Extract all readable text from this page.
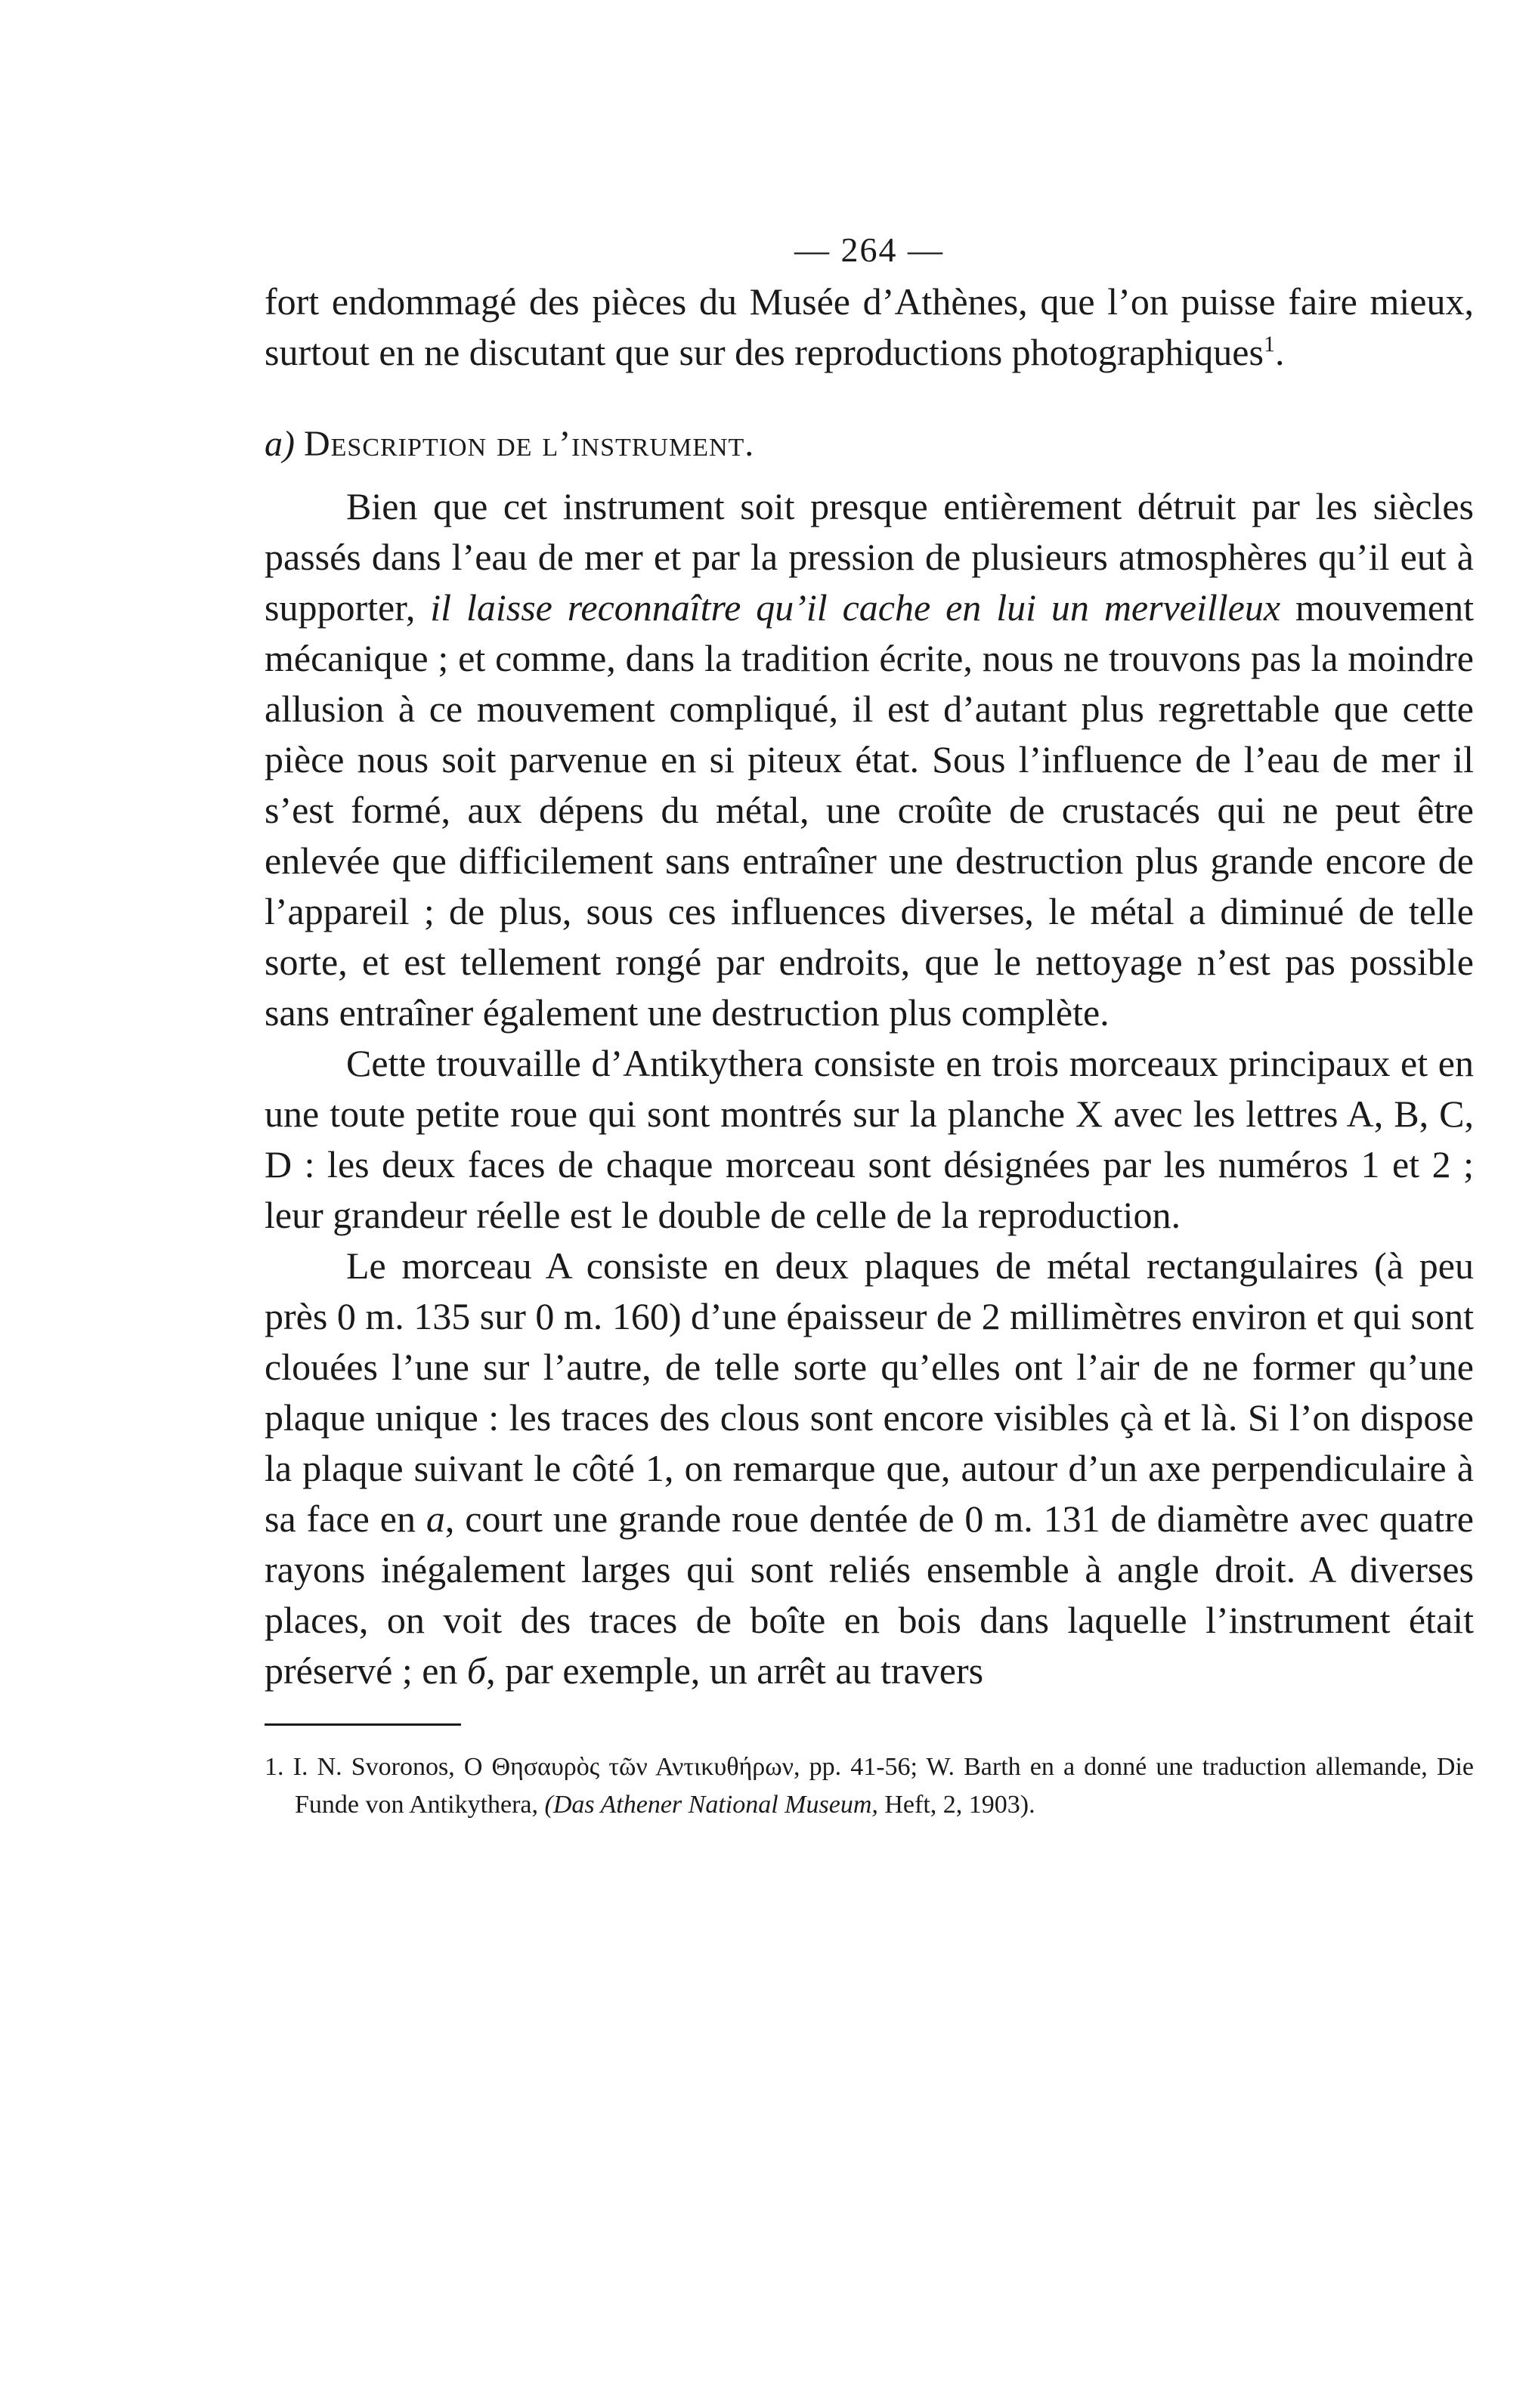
— 264 —

fort endommagé des pièces du Musée d’Athènes, que l’on puisse faire mieux, surtout en ne discutant que sur des reproductions photographiques$^1$.

a) Description de l’instrument.

Bien que cet instrument soit presque entièrement détruit par les siècles passés dans l’eau de mer et par la pression de plusieurs atmosphères qu’il eut à supporter, il laisse reconnaître qu’il cache en lui un merveilleux mouvement mécanique ; et comme, dans la tradition écrite, nous ne trouvons pas la moindre allusion à ce mouvement compliqué, il est d’autant plus regrettable que cette pièce nous soit parvenue en si piteux état. Sous l’influence de l’eau de mer il s’est formé, aux dépens du métal, une croûte de crustacés qui ne peut être enlevée que difficilement sans entraîner une destruction plus grande encore de l’appareil ; de plus, sous ces influences diverses, le métal a diminué de telle sorte, et est tellement rongé par endroits, que le nettoyage n’est pas possible sans entraîner également une destruction plus complète.

Cette trouvaille d’Antikythera consiste en trois morceaux principaux et en une toute petite roue qui sont montrés sur la planche X avec les lettres A, B, C, D : les deux faces de chaque morceau sont désignées par les numéros 1 et 2 ; leur grandeur réelle est le double de celle de la reproduction.

Le morceau A consiste en deux plaques de métal rectangulaires (à peu près 0 m. 135 sur 0 m. 160) d’une épaisseur de 2 millimètres environ et qui sont clouées l’une sur l’autre, de telle sorte qu’elles ont l’air de ne former qu’une plaque unique : les traces des clous sont encore visibles çà et là. Si l’on dispose la plaque suivant le côté 1, on remarque que, autour d’un axe perpendiculaire à sa face en a, court une grande roue dentée de 0 m. 131 de diamètre avec quatre rayons inégalement larges qui sont reliés ensemble à angle droit. A diverses places, on voit des traces de boîte en bois dans laquelle l’instrument était préservé ; en б, par exemple, un arrêt au travers

1. I. N. Svoronos, Ο Θησαυρὸς τῶν Αντικυθήρων, pp. 41-56; W. Barth en a donné une traduction allemande, Die Funde von Antikythera, (Das Athener National Museum, Heft, 2, 1903).
